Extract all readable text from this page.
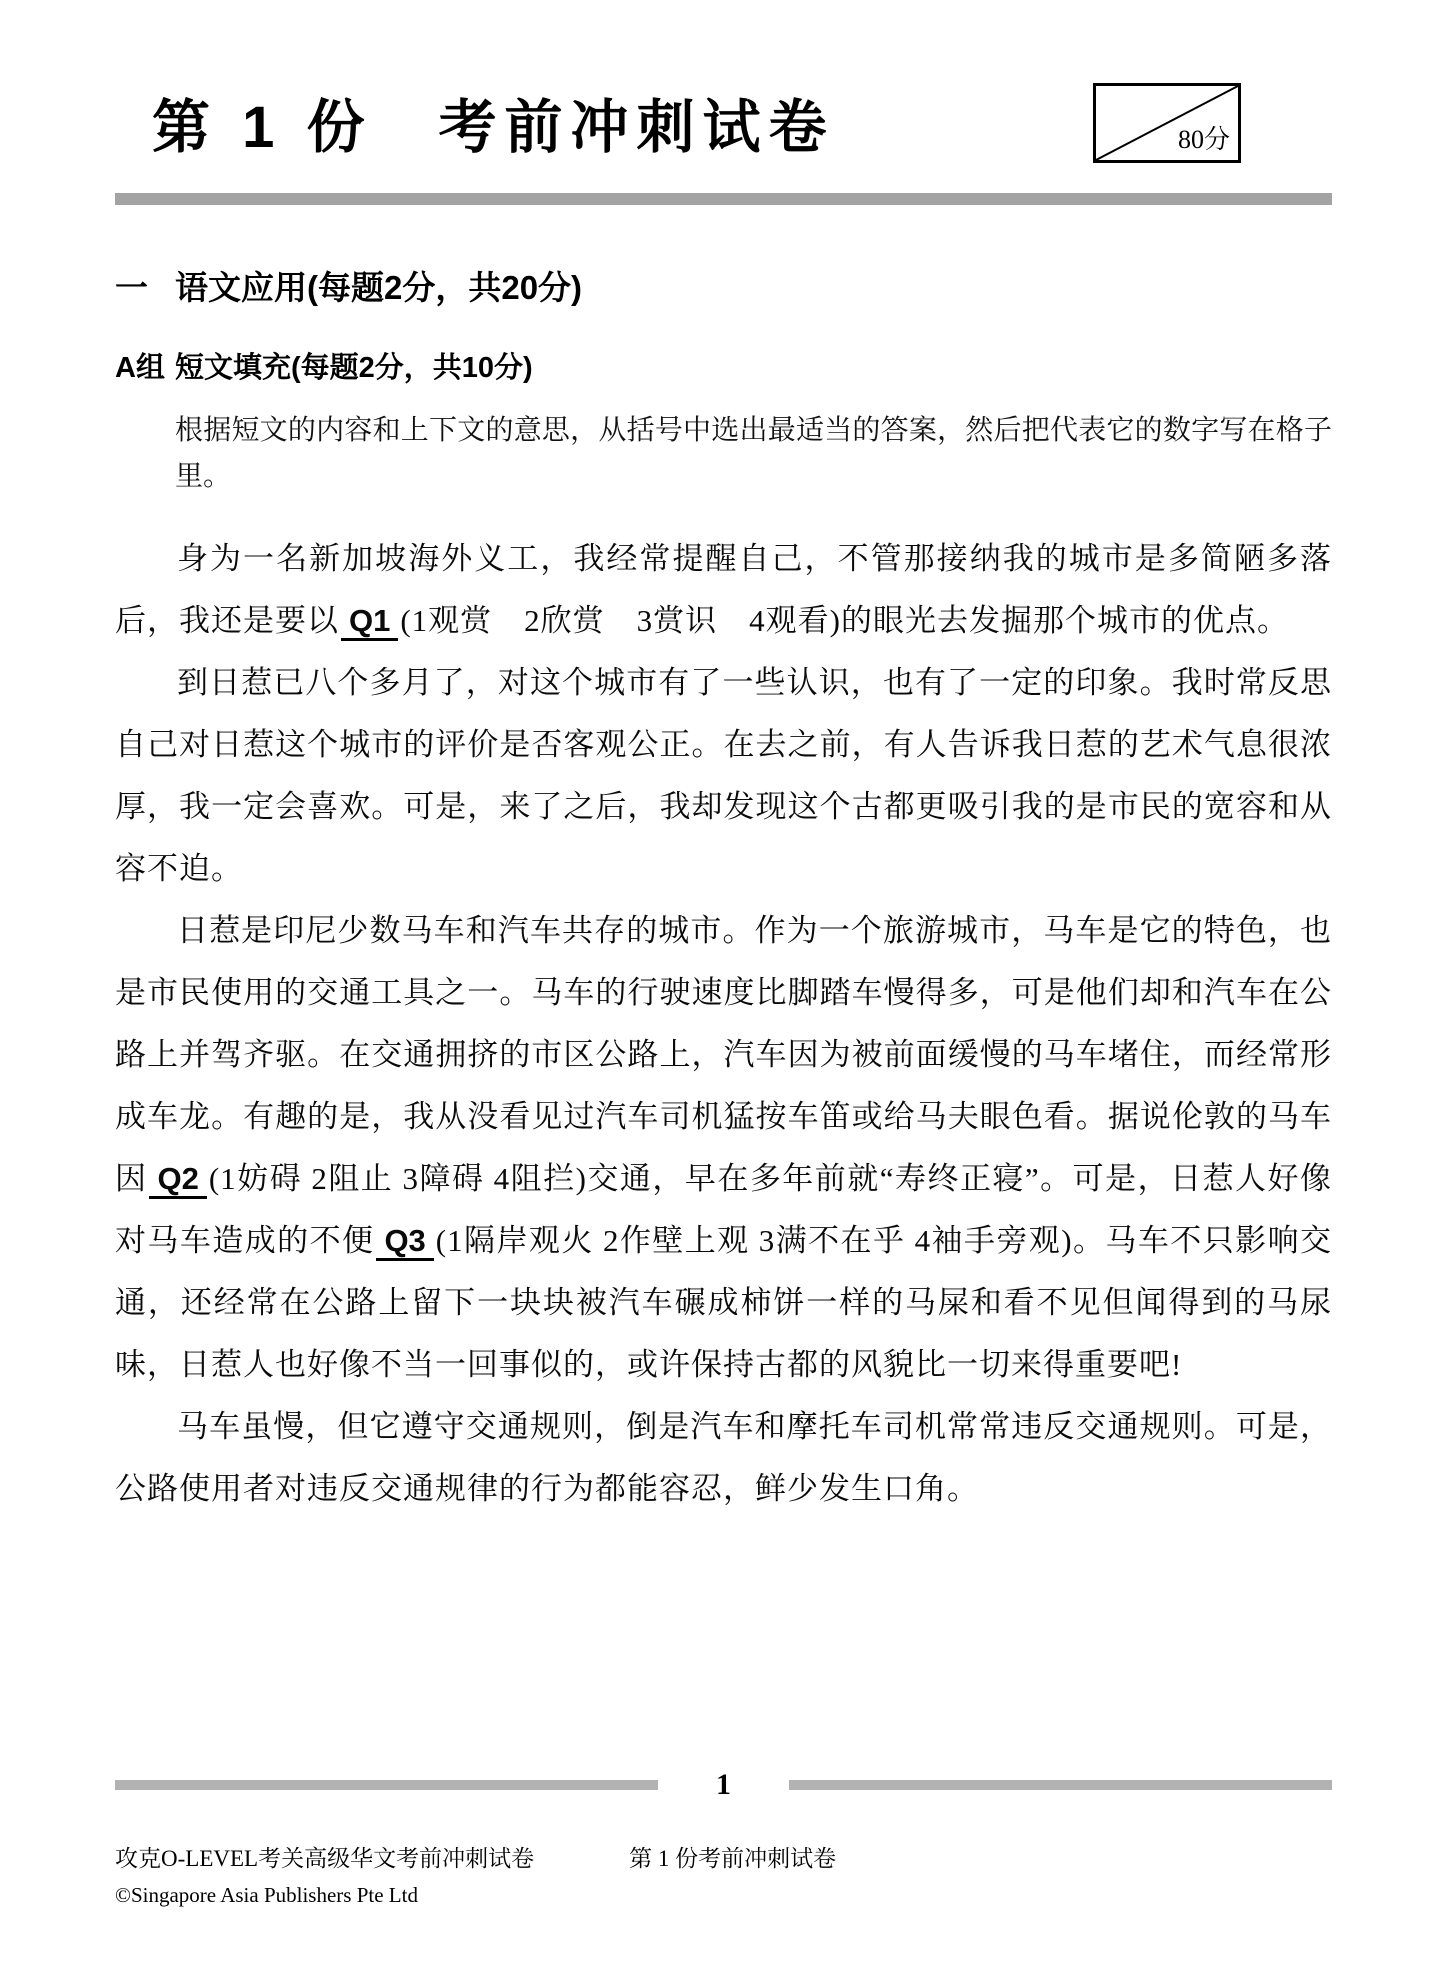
第 1 份　考前冲刺试卷	80分
一 语文应用(每题2分，共20分)
A组 短文填充(每题2分，共10分)

根据短文的内容和上下文的意思，从括号中选出最适当的答案，然后把代表它的数字写在格子里。

身为一名新加坡海外义工，我经常提醒自己，不管那接纳我的城市是多简陋多落后，我还是要以 Q1 (1观赏　2欣赏　3赏识　4观看)的眼光去发掘那个城市的优点。

到日惹已八个多月了，对这个城市有了一些认识，也有了一定的印象。我时常反思自己对日惹这个城市的评价是否客观公正。在去之前，有人告诉我日惹的艺术气息很浓厚，我一定会喜欢。可是，来了之后，我却发现这个古都更吸引我的是市民的宽容和从容不迫。

日惹是印尼少数马车和汽车共存的城市。作为一个旅游城市，马车是它的特色，也是市民使用的交通工具之一。马车的行驶速度比脚踏车慢得多，可是他们却和汽车在公路上并驾齐驱。在交通拥挤的市区公路上，汽车因为被前面缓慢的马车堵住，而经常形成车龙。有趣的是，我从没看见过汽车司机猛按车笛或给马夫眼色看。据说伦敦的马车因 Q2 (1妨碍 2阻止 3障碍 4阻拦)交通，早在多年前就“寿终正寝”。可是，日惹人好像对马车造成的不便 Q3 (1隔岸观火 2作壁上观 3满不在乎 4袖手旁观)。马车不只影响交通，还经常在公路上留下一块块被汽车碾成柿饼一样的马屎和看不见但闻得到的马尿味，日惹人也好像不当一回事似的，或许保持古都的风貌比一切来得重要吧!

马车虽慢，但它遵守交通规则，倒是汽车和摩托车司机常常违反交通规则。可是，公路使用者对违反交通规律的行为都能容忍，鲜少发生口角。

1
攻克O-LEVEL考关高级华文考前冲刺试卷	第 1 份考前冲刺试卷
©Singapore Asia Publishers Pte Ltd
